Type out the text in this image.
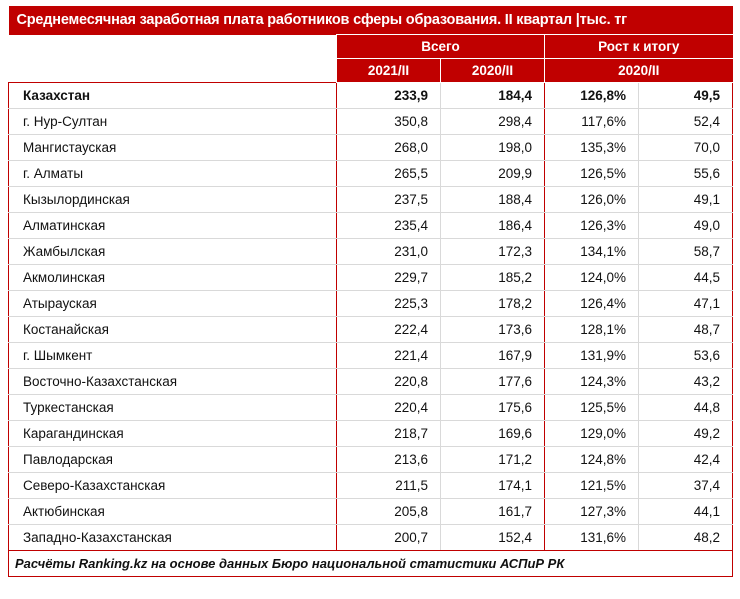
Среднемесячная заработная плата работников сферы образования. II квартал |тыс. тг				
	Всего		Рост к итогу	
	2021/II	2020/II	2020/II	
Казахстан	233,9	184,4	126,8%	49,5
г. Нур-Султан	350,8	298,4	117,6%	52,4
Мангистауская	268,0	198,0	135,3%	70,0
г. Алматы	265,5	209,9	126,5%	55,6
Кызылординская	237,5	188,4	126,0%	49,1
Алматинская	235,4	186,4	126,3%	49,0
Жамбылская	231,0	172,3	134,1%	58,7
Акмолинская	229,7	185,2	124,0%	44,5
Атырауская	225,3	178,2	126,4%	47,1
Костанайская	222,4	173,6	128,1%	48,7
г. Шымкент	221,4	167,9	131,9%	53,6
Восточно-Казахстанская	220,8	177,6	124,3%	43,2
Туркестанская	220,4	175,6	125,5%	44,8
Карагандинская	218,7	169,6	129,0%	49,2
Павлодарская	213,6	171,2	124,8%	42,4
Северо-Казахстанская	211,5	174,1	121,5%	37,4
Актюбинская	205,8	161,7	127,3%	44,1
Западно-Казахстанская	200,7	152,4	131,6%	48,2
Расчёты Ranking.kz на основе данных Бюро национальной статистики АСПиР РК				
